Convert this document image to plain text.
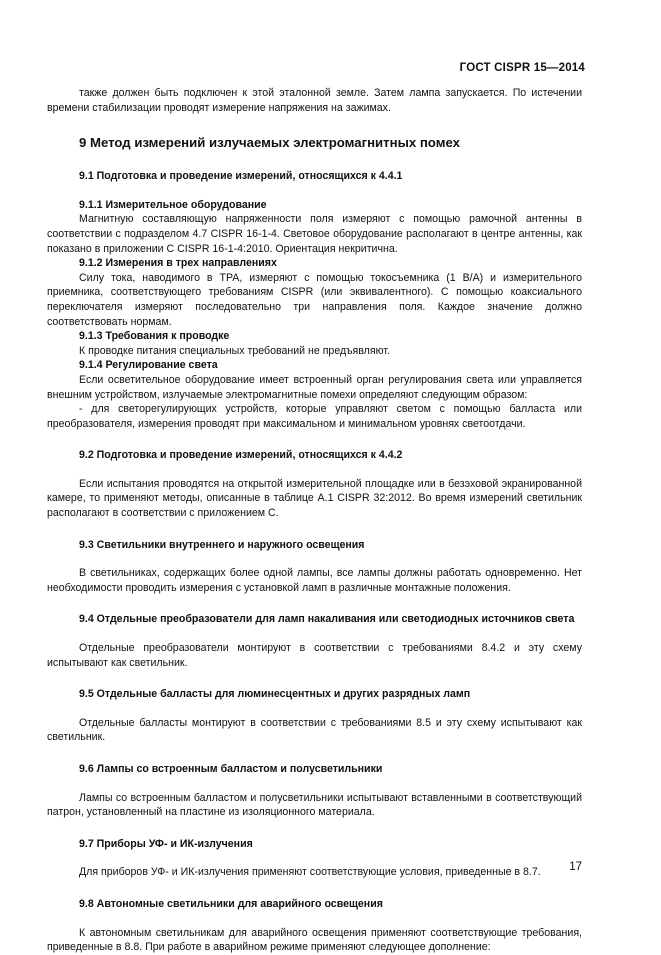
ГОСТ CISPR 15—2014

также должен быть подключен к этой эталонной земле. Затем лампа запускается. По истечении времени стабилизации проводят измерение напряжения на зажимах.

9 Метод измерений излучаемых электромагнитных помех
9.1 Подготовка и проведение измерений, относящихся к 4.4.1
9.1.1 Измерительное оборудование

Магнитную составляющую напряженности поля измеряют с помощью рамочной антенны в соответствии с подразделом 4.7 CISPR 16-1-4. Световое оборудование располагают в центре антенны, как показано в приложении C CISPR 16-1-4:2010. Ориентация некритична.

9.1.2 Измерения в трех направлениях

Силу тока, наводимого в TPA, измеряют с помощью токосъемника (1 В/А) и измерительного приемника, соответствующего требованиям CISPR (или эквивалентного). С помощью коаксиального переключателя измеряют последовательно три направления поля. Каждое значение должно соответствовать нормам.

9.1.3 Требования к проводке

К проводке питания специальных требований не предъявляют.

9.1.4 Регулирование света

Если осветительное оборудование имеет встроенный орган регулирования света или управляется внешним устройством, излучаемые электромагнитные помехи определяют следующим образом:

- для светорегулирующих устройств, которые управляют светом с помощью балласта или преобразователя, измерения проводят при максимальном и минимальном уровнях светоотдачи.

9.2 Подготовка и проведение измерений, относящихся к 4.4.2

Если испытания проводятся на открытой измерительной площадке или в безэховой экранированной камере, то применяют методы, описанные в таблице А.1 CISPR 32:2012. Во время измерений светильник располагают в соответствии с приложением С.

9.3 Светильники внутреннего и наружного освещения

В светильниках, содержащих более одной лампы, все лампы должны работать одновременно. Нет необходимости проводить измерения с установкой ламп в различные монтажные положения.

9.4 Отдельные преобразователи для ламп накаливания или светодиодных источников света

Отдельные преобразователи монтируют в соответствии с требованиями 8.4.2 и эту схему испытывают как светильник.

9.5 Отдельные балласты для люминесцентных и других разрядных ламп

Отдельные балласты монтируют в соответствии с требованиями 8.5 и эту схему испытывают как светильник.

9.6 Лампы со встроенным балластом и полусветильники

Лампы со встроенным балластом и полусветильники испытывают вставленными в соответствующий патрон, установленный на пластине из изоляционного материала.

9.7 Приборы УФ- и ИК-излучения

Для приборов УФ- и ИК-излучения применяют соответствующие условия, приведенные в 8.7.

9.8 Автономные светильники для аварийного освещения

К автономным светильникам для аварийного освещения применяют соответствующие требования, приведенные в 8.8. При работе в аварийном режиме применяют следующее дополнение:

17
